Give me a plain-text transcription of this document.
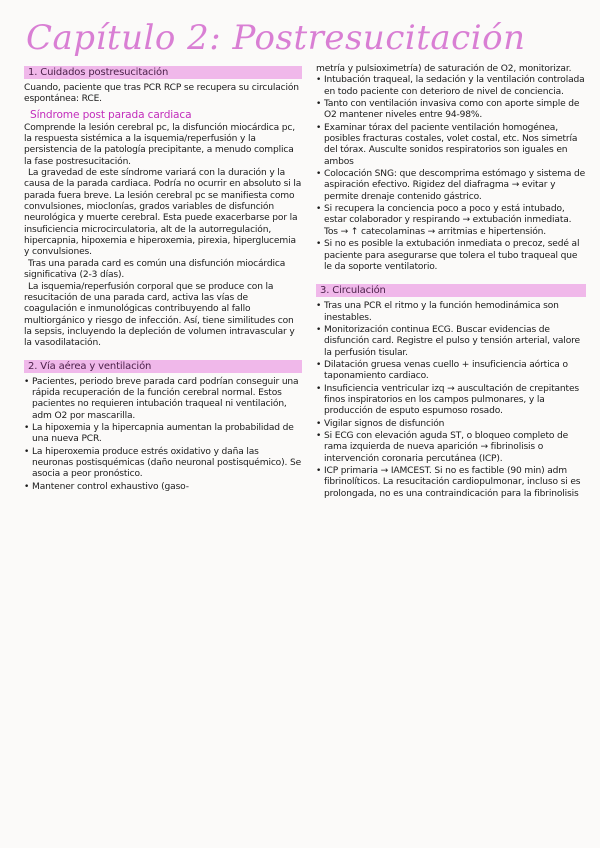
Capítulo 2: Postresucitación
1. Cuidados postresucitación
Cuando, paciente que tras PCR RCP se recupera su circulación espontánea: RCE.
Síndrome post parada cardiaca
Comprende la lesión cerebral pc, la disfunción miocárdica pc, la respuesta sistémica a la isquemia/reperfusión y la persistencia de la patología precipitante, a menudo complica la fase postresucitación.
La gravedad de este síndrome variará con la duración y la causa de la parada cardiaca. Podría no ocurrir en absoluto si la parada fuera breve. La lesión cerebral pc se manifiesta como convulsiones, mioclonías, grados variables de disfunción neurológica y muerte cerebral. Esta puede exacerbarse por la insuficiencia microcirculatoria, alt de la autorregulación, hipercapnia, hipoxemia e hiperoxemia, pirexia, hiperglucemia y convulsiones.
Tras una parada card es común una disfunción miocárdica significativa (2-3 días).
La isquemia/reperfusión corporal que se produce con la resucitación de una parada card, activa las vías de coagulación e inmunológicas contribuyendo al fallo multiorgánico y riesgo de infección. Así, tiene similitudes con la sepsis, incluyendo la depleción de volumen intravascular y la vasodilatación.
2. Vía aérea y ventilación
• Pacientes, periodo breve parada card podrían conseguir una rápida recuperación de la función cerebral normal. Estos pacientes no requieren intubación traqueal ni ventilación, adm O2 por mascarilla.
• La hipoxemia y la hipercapnia aumentan la probabilidad de una nueva PCR.
• La hiperoxemia produce estrés oxidativo y daña las neuronas postisquémicas (daño neuronal postisquémico). Se asocia a peor pronóstico.
• Mantener control exhaustivo (gaso-
metría y pulsioximetría) de saturación de O2, monitorizar.
• Intubación traqueal, la sedación y la ventilación controlada en todo paciente con deterioro de nivel de conciencia.
• Tanto con ventilación invasiva como con aporte simple de O2 mantener niveles entre 94-98%.
• Examinar tórax del paciente ventilación homogénea, posibles fracturas costales, volet costal, etc. Nos simetría del tórax. Ausculte sonidos respiratorios son iguales en ambos
• Colocación SNG: que descomprima estómago y sistema de aspiración efectivo. Rigidez del diafragma → evitar y permite drenaje contenido gástrico.
• Si recupera la conciencia poco a poco y está intubado, estar colaborador y respirando → extubación inmediata. Tos → ↑ catecolaminas → arritmias e hipertensión.
• Si no es posible la extubación inmediata o precoz, sedé al paciente para asegurarse que tolera el tubo traqueal que le da soporte ventilatorio.
3. Circulación
• Tras una PCR el ritmo y la función hemodinámica son inestables.
• Monitorización continua ECG. Buscar evidencias de disfunción card. Registre el pulso y tensión arterial, valore la perfusión tisular.
• Dilatación gruesa venas cuello + insuficiencia aórtica o taponamiento cardiaco.
• Insuficiencia ventricular izq → auscultación de crepitantes finos inspiratorios en los campos pulmonares, y la producción de esputo espumoso rosado.
• Vigilar signos de disfunción
• Si ECG con elevación aguda ST, o bloqueo completo de rama izquierda de nueva aparición → fibrinolisis o intervención coronaria percutánea (ICP).
• ICP primaria → IAMCEST. Si no es factible (90 min) adm fibrinolíticos. La resucitación cardiopulmonar, incluso si es prolongada, no es una contraindicación para la fibrinolisis
